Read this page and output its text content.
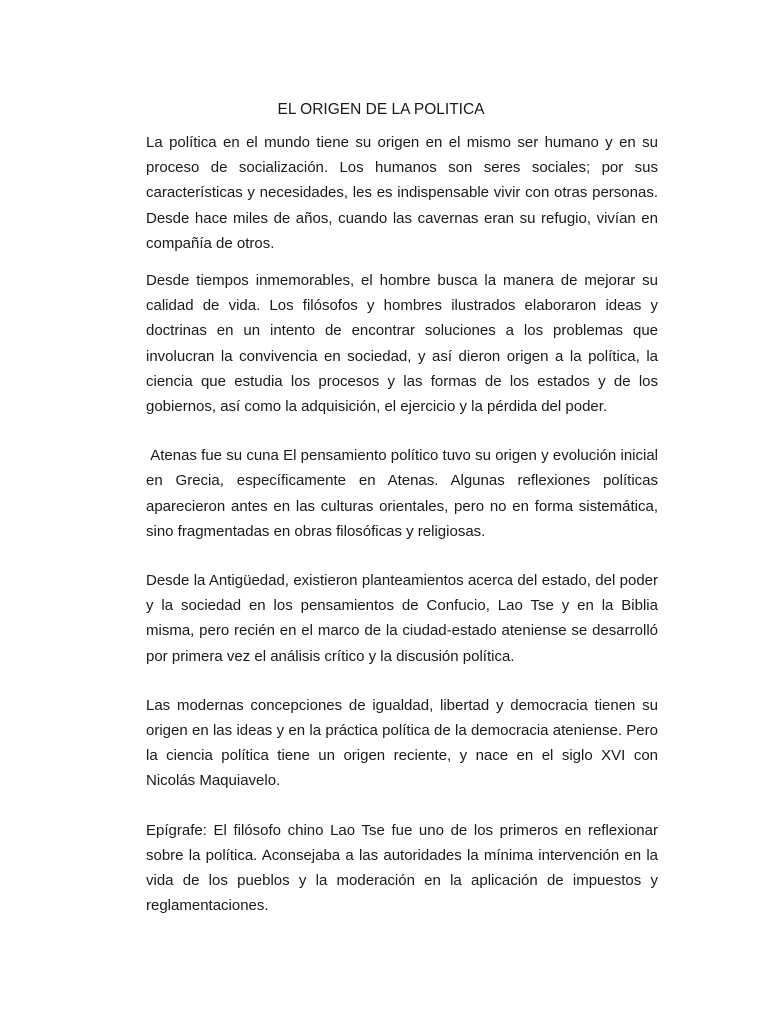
EL ORIGEN DE LA POLITICA

La política en el mundo tiene su origen en el mismo ser humano y en su proceso de socialización. Los humanos son seres sociales; por sus características y necesidades, les es indispensable vivir con otras personas. Desde hace miles de años, cuando las cavernas eran su refugio, vivían en compañía de otros.

Desde tiempos inmemorables, el hombre busca la manera de mejorar su calidad de vida. Los filósofos y hombres ilustrados elaboraron ideas y doctrinas en un intento de encontrar soluciones a los problemas que involucran la convivencia en sociedad, y así dieron origen a la política, la ciencia que estudia los procesos y las formas de los estados y de los gobiernos, así como la adquisición, el ejercicio y la pérdida del poder.

Atenas fue su cuna El pensamiento político tuvo su origen y evolución inicial en Grecia, específicamente en Atenas. Algunas reflexiones políticas aparecieron antes en las culturas orientales, pero no en forma sistemática, sino fragmentadas en obras filosóficas y religiosas.

Desde la Antigüedad, existieron planteamientos acerca del estado, del poder y la sociedad en los pensamientos de Confucio, Lao Tse y en la Biblia misma, pero recién en el marco de la ciudad-estado ateniense se desarrolló por primera vez el análisis crítico y la discusión política.

Las modernas concepciones de igualdad, libertad y democracia tienen su origen en las ideas y en la práctica política de la democracia ateniense. Pero la ciencia política tiene un origen reciente, y nace en el siglo XVI con  Nicolás Maquiavelo.

Epígrafe: El filósofo chino Lao Tse fue uno de los primeros en reflexionar sobre la política. Aconsejaba a las autoridades la mínima intervención en la vida de los pueblos y la moderación en la aplicación de impuestos y reglamentaciones.
